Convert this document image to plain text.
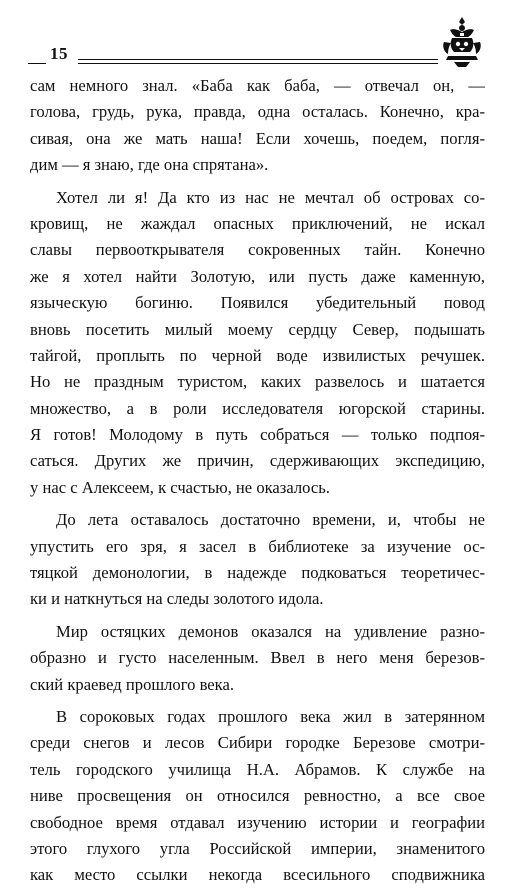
15
сам немного знал. «Баба как баба, — отвечал он, —
голова, грудь, рука, правда, одна осталась. Конечно, кра-
сивая, она же мать наша! Если хочешь, поедем, погля-
дим — я знаю, где она спрятана».
Хотел ли я! Да кто из нас не мечтал об островах со-
кровищ, не жаждал опасных приключений, не искал
славы первооткрывателя сокровенных тайн. Конечно
же я хотел найти Золотую, или пусть даже каменную,
языческую богиню. Появился убедительный повод
вновь посетить милый моему сердцу Север, подышать
тайгой, проплыть по черной воде извилистых речушек.
Но не праздным туристом, каких развелось и шатается
множество, а в роли исследователя югорской старины.
Я готов! Молодому в путь собраться — только подпоя-
саться. Других же причин, сдерживающих экспедицию,
у нас с Алексеем, к счастью, не оказалось.
До лета оставалось достаточно времени, и, чтобы не
упустить его зря, я засел в библиотеке за изучение ос-
тяцкой демонологии, в надежде подковаться теоретичес-
ки и наткнуться на следы золотого идола.
Мир остяцких демонов оказался на удивление разно-
образно и густо населенным. Ввел в него меня березов-
ский краевед прошлого века.
В сороковых годах прошлого века жил в затерянном
среди снегов и лесов Сибири городке Березове смотри-
тель городского училища Н.А. Абрамов. К службе на
ниве просвещения он относился ревностно, а все свое
свободное время отдавал изучению истории и географии
этого глухого угла Российской империи, знаменитого
как место ссылки некогда всесильного сподвижника
